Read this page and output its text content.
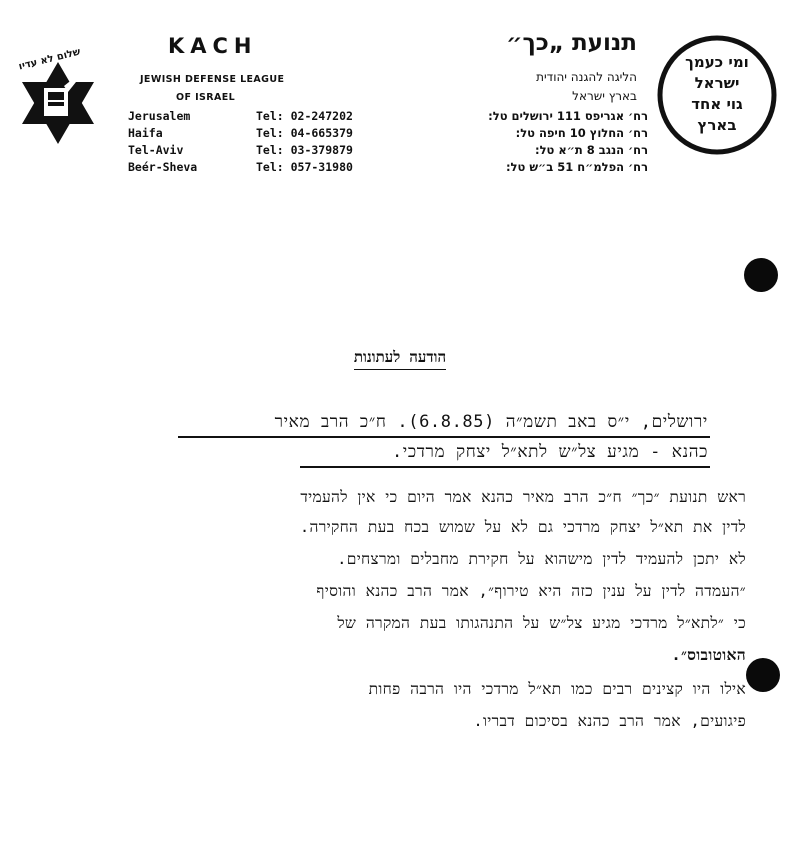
שלום לא עדיו
KACH
JEWISH DEFENSE LEAGUE
OF ISRAEL
תנועת „כך״
הליגה להגנה יהודית
בארץ ישראל
Jerusalem	Tel: 02-247202	רח׳ אגריפס 111 ירושלים טל:
Haifa	Tel: 04-665379	רח׳ החלוץ 10 חיפה טל:
Tel-Aviv	Tel: 03-379879	רח׳ הנגב 8 ת״א טל:
Beér-Sheva	Tel: 057-31980	רח׳ הפלמ״ח 51 ב״ש טל:
ומי כעמך
ישראל
גוי אחד
בארץ
הודעה לעתונות
ירושלים, י״ס באב תשמ״ה (6.8.85). ח״כ הרב מאיר
כהנא - מגיע צל״ש לתא״ל יצחק מרדכי.
ראש תנועת ״כך״ ח״כ הרב מאיר כהנא אמר היום כי אין להעמיד
לדין את תא״ל יצחק מרדכי גם לא על שמוש בכח בעת החקירה.
לא יתכן להעמיד לדין מישהוא על חקירת מחבלים ומרצחים.
״העמדה לדין על ענין כזה היא טירוף״, אמר הרב כהנא והוסיף
כי ״לתא״ל מרדכי מגיע צל״ש על התנהגותו בעת המקרה של
האוטובוס״.
אילו היו קצינים רבים כמו תא״ל מרדכי היו הרבה פחות
פיגועים, אמר הרב כהנא בסיכום דבריו.
